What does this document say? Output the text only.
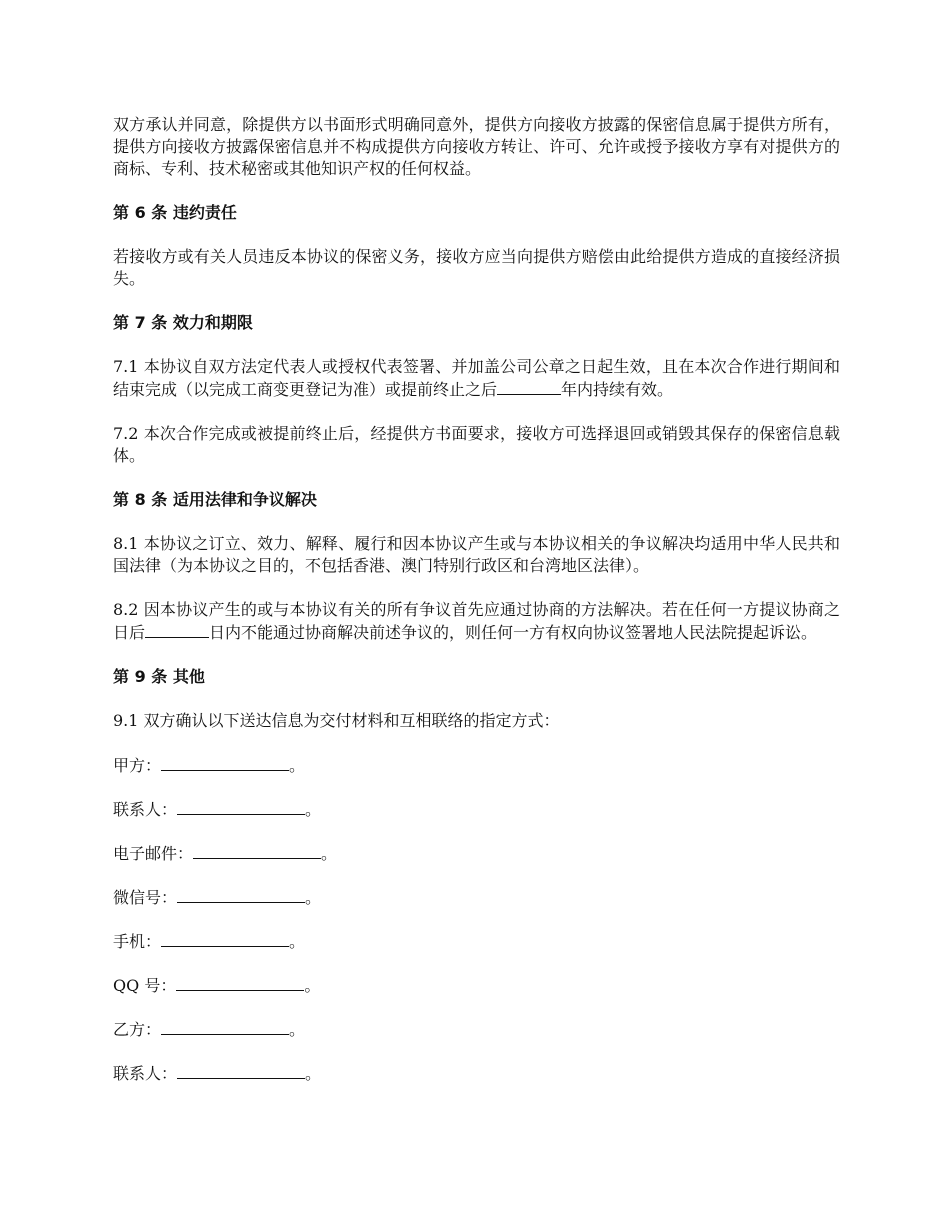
双方承认并同意，除提供方以书面形式明确同意外，提供方向接收方披露的保密信息属于提供方所有，提供方向接收方披露保密信息并不构成提供方向接收方转让、许可、允许或授予接收方享有对提供方的商标、专利、技术秘密或其他知识产权的任何权益。

第 6 条 违约责任

若接收方或有关人员违反本协议的保密义务，接收方应当向提供方赔偿由此给提供方造成的直接经济损失。

第 7 条 效力和期限

7.1 本协议自双方法定代表人或授权代表签署、并加盖公司公章之日起生效，且在本次合作进行期间和结束完成（以完成工商变更登记为准）或提前终止之后	年内持续有效。

7.2 本次合作完成或被提前终止后，经提供方书面要求，接收方可选择退回或销毁其保存的保密信息载体。

第 8 条 适用法律和争议解决

8.1 本协议之订立、效力、解释、履行和因本协议产生或与本协议相关的争议解决均适用中华人民共和国法律（为本协议之目的，不包括香港、澳门特别行政区和台湾地区法律）。

8.2 因本协议产生的或与本协议有关的所有争议首先应通过协商的方法解决。若在任何一方提议协商之日后	日内不能通过协商解决前述争议的，则任何一方有权向协议签署地人民法院提起诉讼。

第 9 条 其他

9.1 双方确认以下送达信息为交付材料和互相联络的指定方式：

甲方：	。
联系人：	。
电子邮件：	。
微信号：	。
手机：	。
QQ 号：	。
乙方：	。
联系人：	。
